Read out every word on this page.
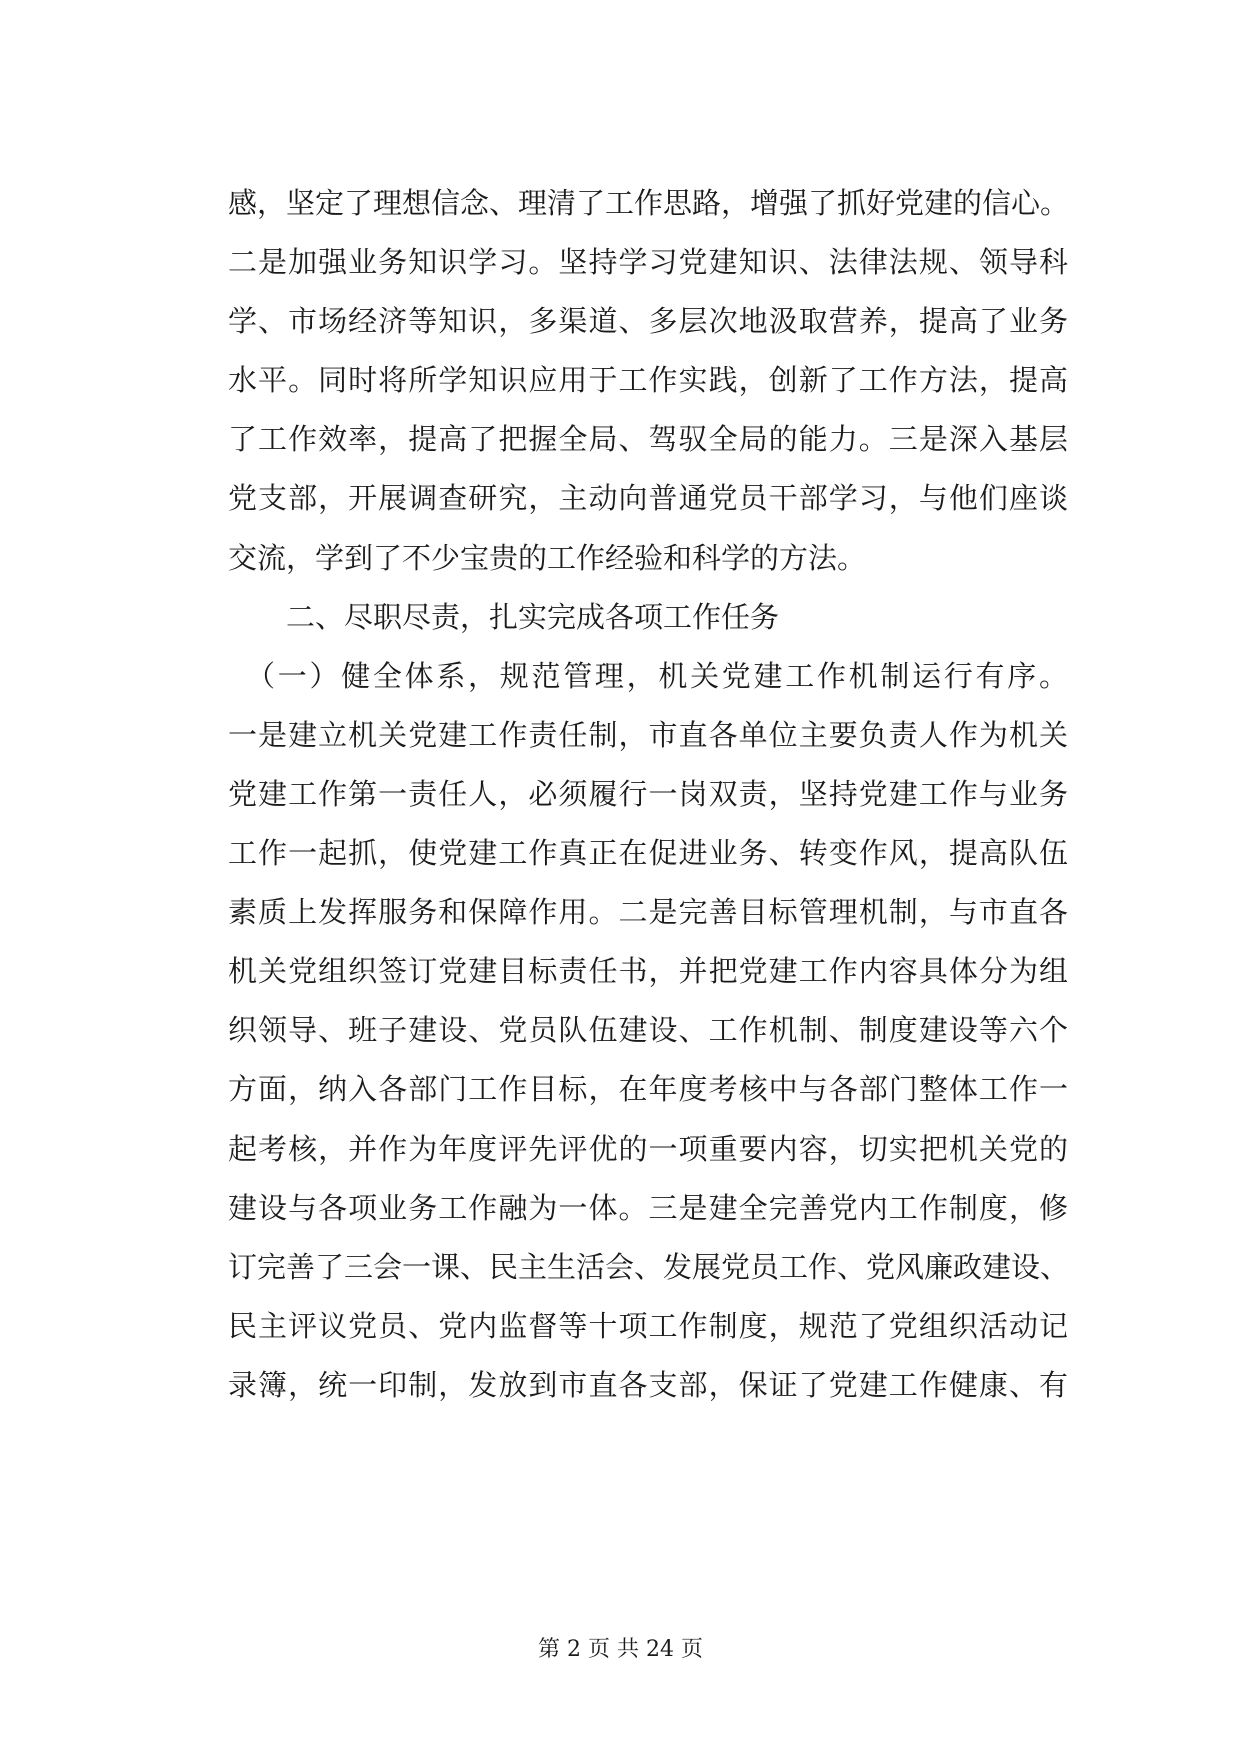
感，坚定了理想信念、理清了工作思路，增强了抓好党建的信心。
二是加强业务知识学习。坚持学习党建知识、法律法规、领导科
学、市场经济等知识，多渠道、多层次地汲取营养，提高了业务
水平。同时将所学知识应用于工作实践，创新了工作方法，提高
了工作效率，提高了把握全局、驾驭全局的能力。三是深入基层
党支部，开展调查研究，主动向普通党员干部学习，与他们座谈
交流，学到了不少宝贵的工作经验和科学的方法。
二、尽职尽责，扎实完成各项工作任务
（一）健全体系，规范管理，机关党建工作机制运行有序。
一是建立机关党建工作责任制，市直各单位主要负责人作为机关
党建工作第一责任人，必须履行一岗双责，坚持党建工作与业务
工作一起抓，使党建工作真正在促进业务、转变作风，提高队伍
素质上发挥服务和保障作用。二是完善目标管理机制，与市直各
机关党组织签订党建目标责任书，并把党建工作内容具体分为组
织领导、班子建设、党员队伍建设、工作机制、制度建设等六个
方面，纳入各部门工作目标，在年度考核中与各部门整体工作一
起考核，并作为年度评先评优的一项重要内容，切实把机关党的
建设与各项业务工作融为一体。三是建全完善党内工作制度，修
订完善了三会一课、民主生活会、发展党员工作、党风廉政建设、
民主评议党员、党内监督等十项工作制度，规范了党组织活动记
录簿，统一印制，发放到市直各支部，保证了党建工作健康、有
第 2 页 共 24 页
